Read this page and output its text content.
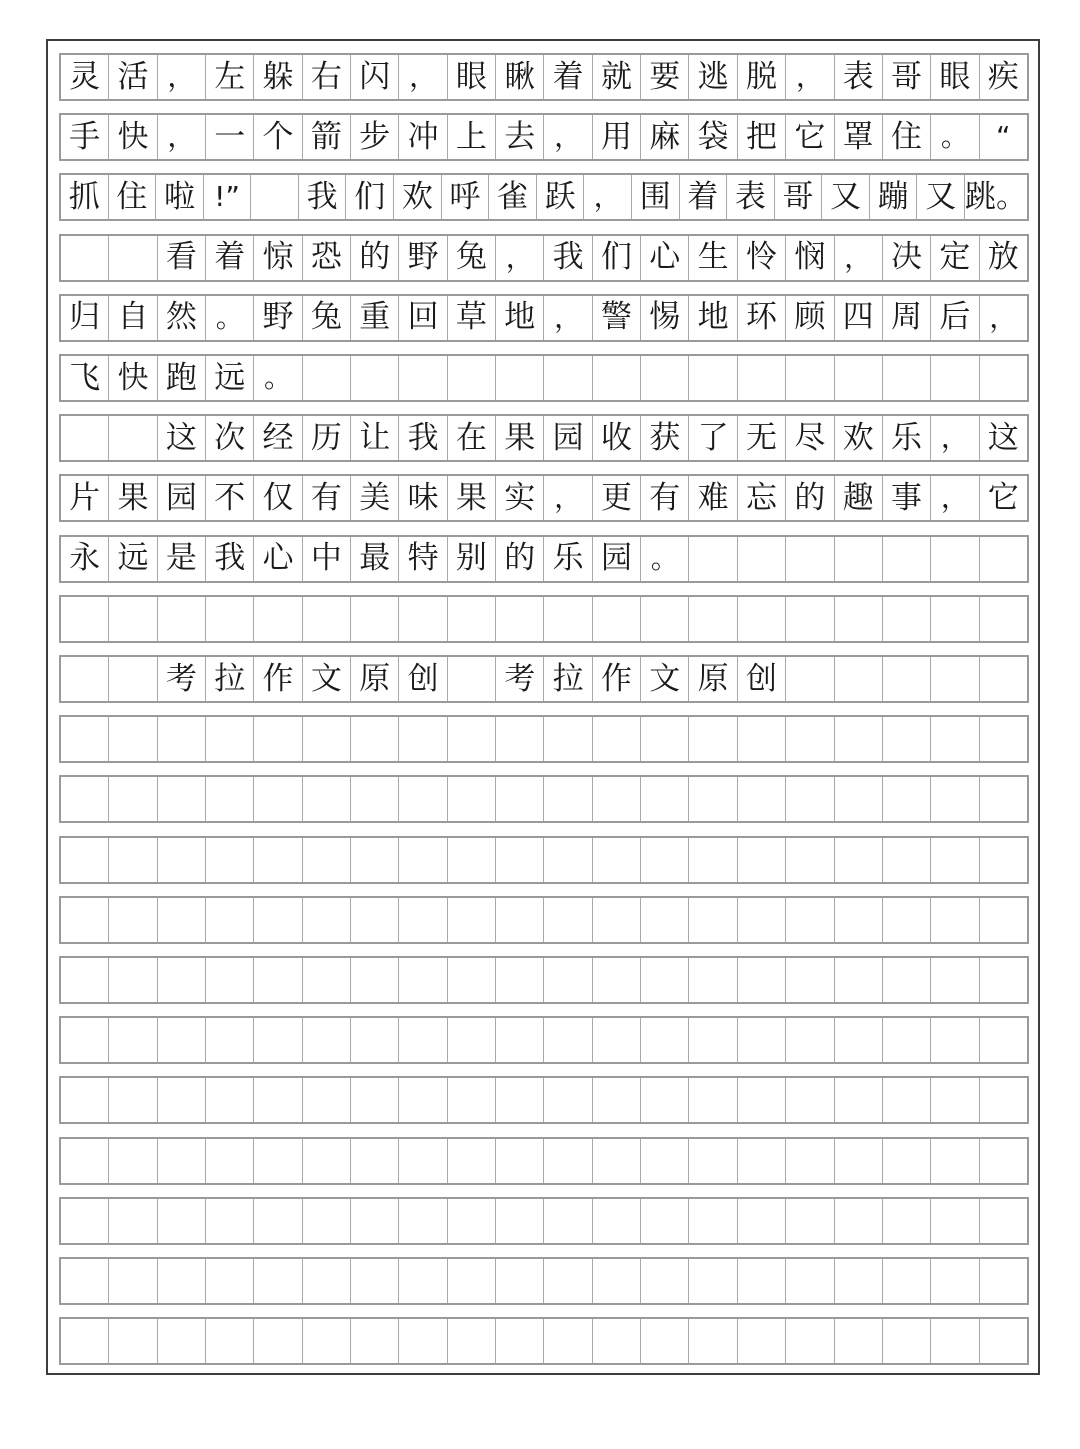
灵 活 ， 左 躲 右 闪 ， 眼 瞅 着 就 要 逃 脱 ， 表 哥 眼 疾
手 快 ， 一 个 箭 步 冲 上 去 ， 用 麻 袋 把 它 罩 住 。 “
抓 住 啦 !”	我 们 欢 呼 雀 跃 ， 围 着 表 哥 又 蹦 又 跳。
看 着 惊 恐 的 野 兔 ， 我 们 心 生 怜 悯 ， 决 定 放
归 自 然 。 野 兔 重 回 草 地 ， 警 惕 地 环 顾 四 周 后 ，
飞 快 跑 远 。
这 次 经 历 让 我 在 果 园 收 获 了 无 尽 欢 乐 ， 这
片 果 园 不 仅 有 美 味 果 实 ， 更 有 难 忘 的 趣 事 ， 它
永 远 是 我 心 中 最 特 别 的 乐 园 。
考 拉 作 文 原 创 考 拉 作 文 原 创
